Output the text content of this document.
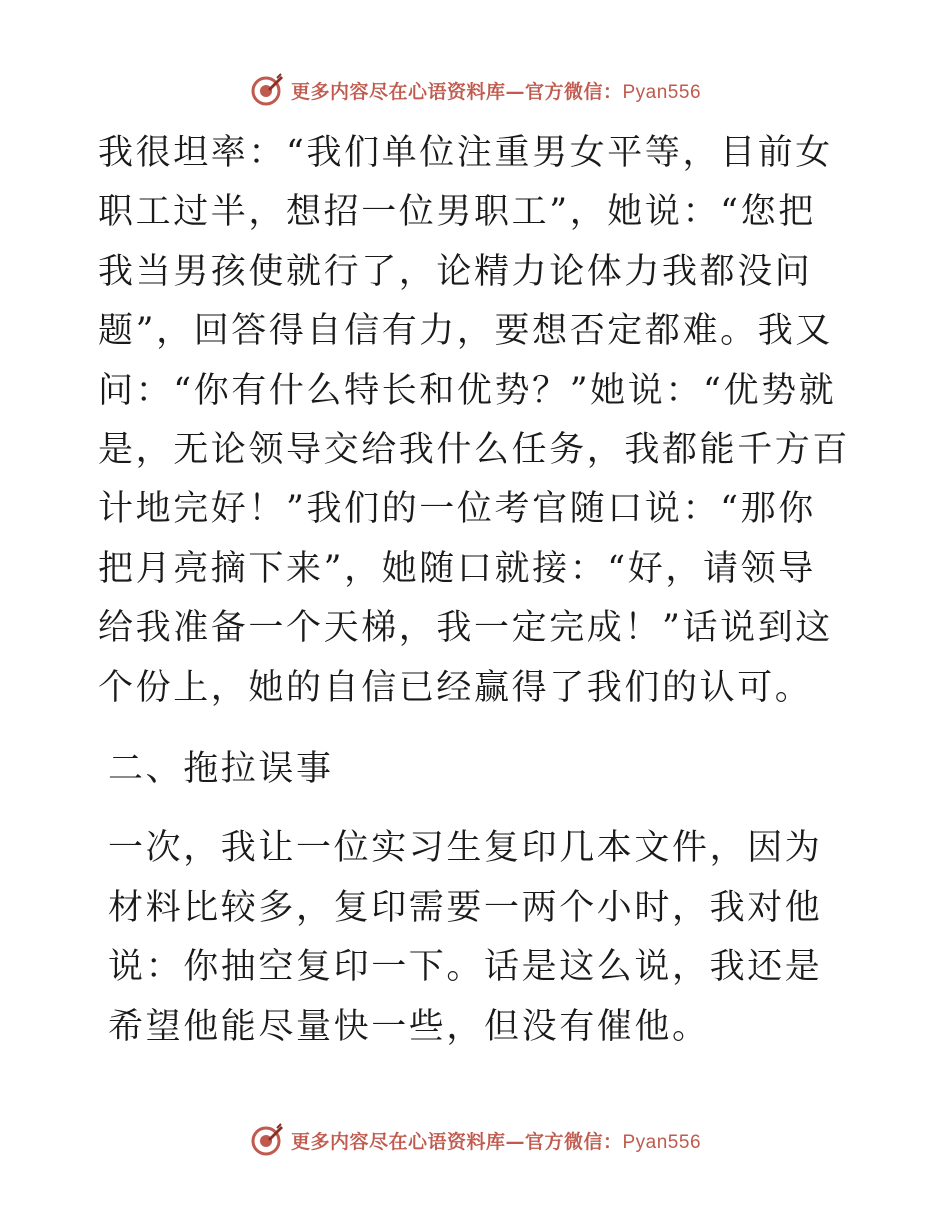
更多内容尽在心语资料库—官方微信：Pyan556

我很坦率：“我们单位注重男女平等，目前女职工过半，想招一位男职工”，她说：“您把我当男孩使就行了，论精力论体力我都没问题”，回答得自信有力，要想否定都难。我又问：“你有什么特长和优势？”她说：“优势就是，无论领导交给我什么任务，我都能千方百计地完好！”我们的一位考官随口说：“那你把月亮摘下来”，她随口就接：“好，请领导给我准备一个天梯，我一定完成！”话说到这个份上，她的自信已经赢得了我们的认可。

二、拖拉误事

一次，我让一位实习生复印几本文件，因为材料比较多，复印需要一两个小时，我对他说：你抽空复印一下。话是这么说，我还是希望他能尽量快一些，但没有催他。

更多内容尽在心语资料库—官方微信：Pyan556
